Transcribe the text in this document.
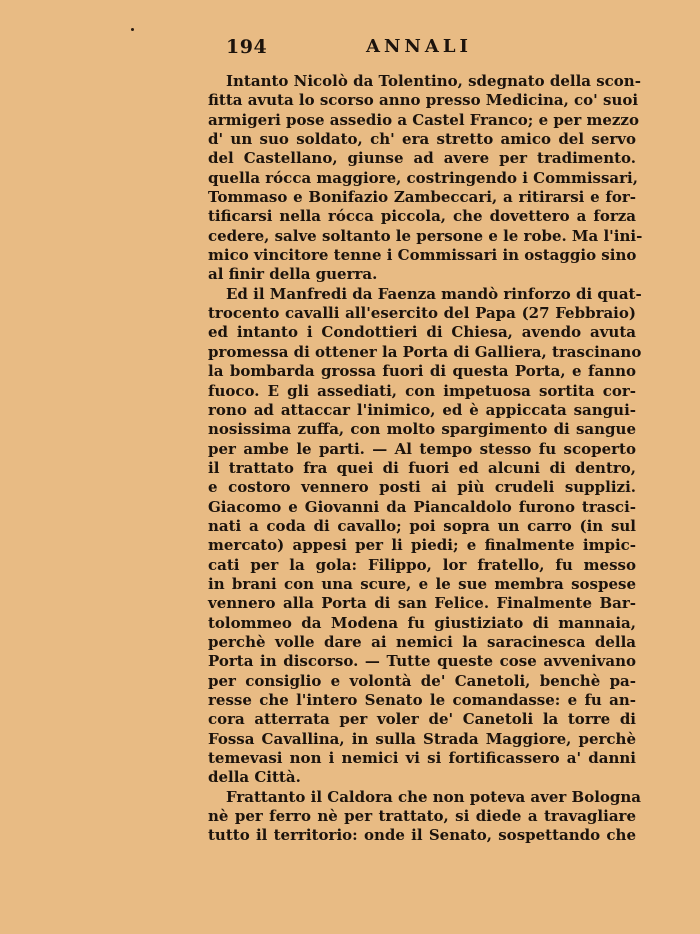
194	ANNALI
Intanto Nicolò da Tolentino, sdegnato della scon-
fitta avuta lo scorso anno presso Medicina, co' suoi
armigeri pose assedio a Castel Franco; e per mezzo
d' un suo soldato, ch' era stretto amico del servo
del Castellano, giunse ad avere per tradimento.
quella rócca maggiore, costringendo i Commissari,
Tommaso e Bonifazio Zambeccari, a ritirarsi e for-
tificarsi nella rócca piccola, che dovettero a forza
cedere, salve soltanto le persone e le robe. Ma l'ini-
mico vincitore tenne i Commissari in ostaggio sino
al finir della guerra.
Ed il Manfredi da Faenza mandò rinforzo di quat-
trocento cavalli all'esercito del Papa (27 Febbraio)
ed intanto i Condottieri di Chiesa, avendo avuta
promessa di ottener la Porta di Galliera, trascinano
la bombarda grossa fuori di questa Porta, e fanno
fuoco. E gli assediati, con impetuosa sortita cor-
rono ad attaccar l'inimico, ed è appiccata sangui-
nosissima zuffa, con molto spargimento di sangue
per ambe le parti. — Al tempo stesso fu scoperto
il trattato fra quei di fuori ed alcuni di dentro,
e costoro vennero posti ai più crudeli supplizi.
Giacomo e Giovanni da Piancaldolo furono trasci-
nati a coda di cavallo; poi sopra un carro (in sul
mercato) appesi per li piedi; e finalmente impic-
cati per la gola: Filippo, lor fratello, fu messo
in brani con una scure, e le sue membra sospese
vennero alla Porta di san Felice. Finalmente Bar-
tolommeo da Modena fu giustiziato di mannaia,
perchè volle dare ai nemici la saracinesca della
Porta in discorso. — Tutte queste cose avvenivano
per consiglio e volontà de' Canetoli, benchè pa-
resse che l'intero Senato le comandasse: e fu an-
cora atterrata per voler de' Canetoli la torre di
Fossa Cavallina, in sulla Strada Maggiore, perchè
temevasi non i nemici vi si fortificassero a' danni
della Città.
Frattanto il Caldora che non poteva aver Bologna
nè per ferro nè per trattato, si diede a travagliare
tutto il territorio: onde il Senato, sospettando che
